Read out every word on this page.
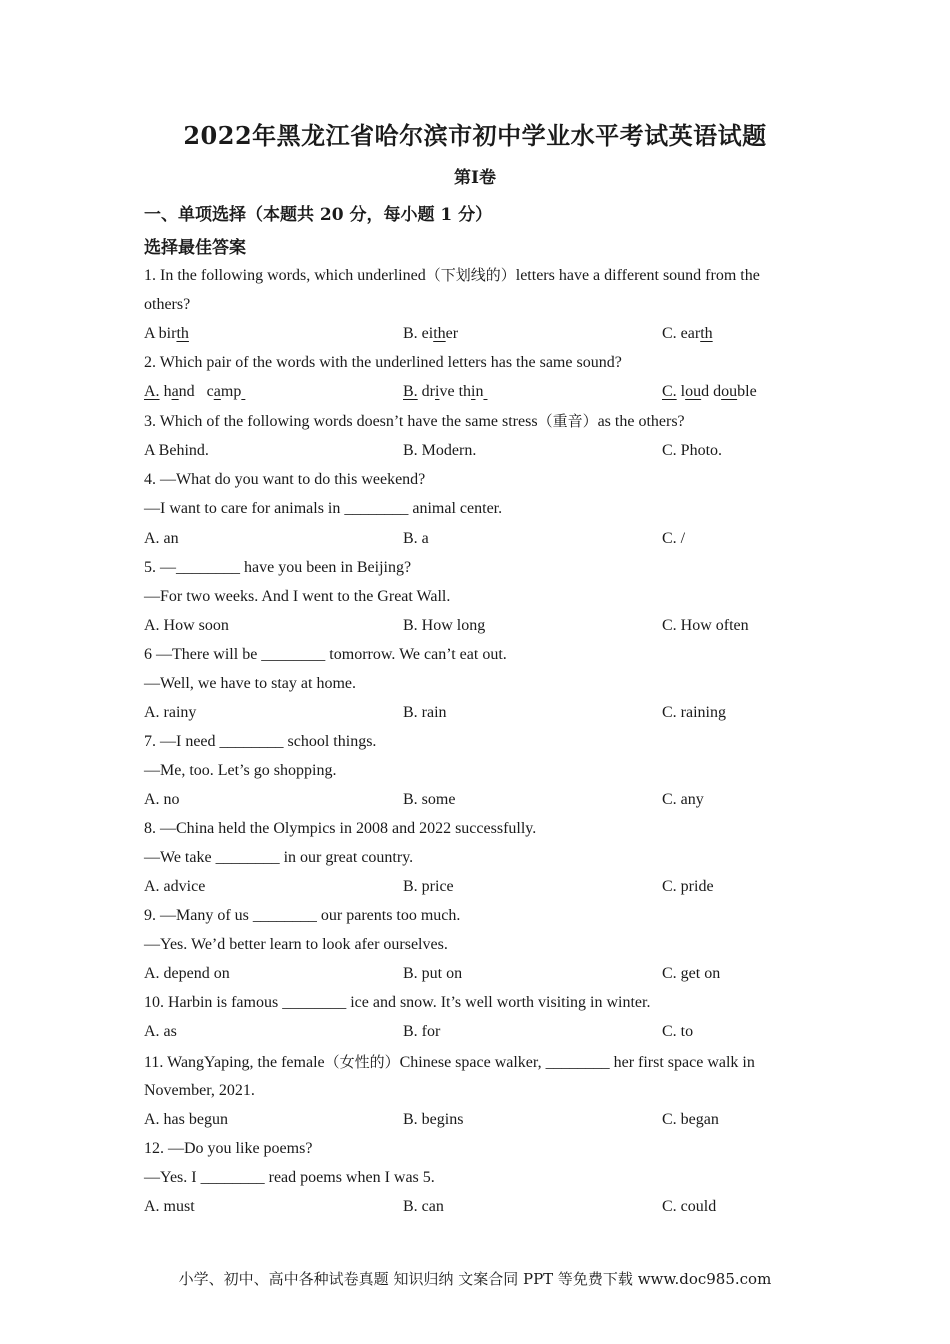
2022年黑龙江省哈尔滨市初中学业水平考试英语试题
第I卷
一、单项选择（本题共 20 分，每小题 1 分）
选择最佳答案
1. In the following words, which underlined（下划线的）letters have a different sound from the
others?
A birth	B. either	C. earth
2. Which pair of the words with the underlined letters has the same sound?
A. hand camp	B. drive thin	C. loud double
3. Which of the following words doesn’t have the same stress（重音）as the others?
A Behind.	B. Modern.	C. Photo.
4. —What do you want to do this weekend?
—I want to care for animals in ________ animal center.
A. an	B. a	C. /
5. —________ have you been in Beijing?
—For two weeks. And I went to the Great Wall.
A. How soon	B. How long	C. How often
6 —There will be ________ tomorrow. We can’t eat out.
—Well, we have to stay at home.
A. rainy	B. rain	C. raining
7. —I need ________ school things.
—Me, too. Let’s go shopping.
A. no	B. some	C. any
8. —China held the Olympics in 2008 and 2022 successfully.
—We take ________ in our great country.
A. advice	B. price	C. pride
9. —Many of us ________ our parents too much.
—Yes. We’d better learn to look afer ourselves.
A. depend on	B. put on	C. get on
10. Harbin is famous ________ ice and snow. It’s well worth visiting in winter.
A. as	B. for	C. to
11. WangYaping, the female（女性的）Chinese space walker, ________ her first space walk in
November, 2021.
A. has begun	B. begins	C. began
12. —Do you like poems?
—Yes. I ________ read poems when I was 5.
A. must	B. can	C. could
小学、初中、高中各种试卷真题 知识归纳 文案合同 PPT 等免费下载 www.doc985.com
